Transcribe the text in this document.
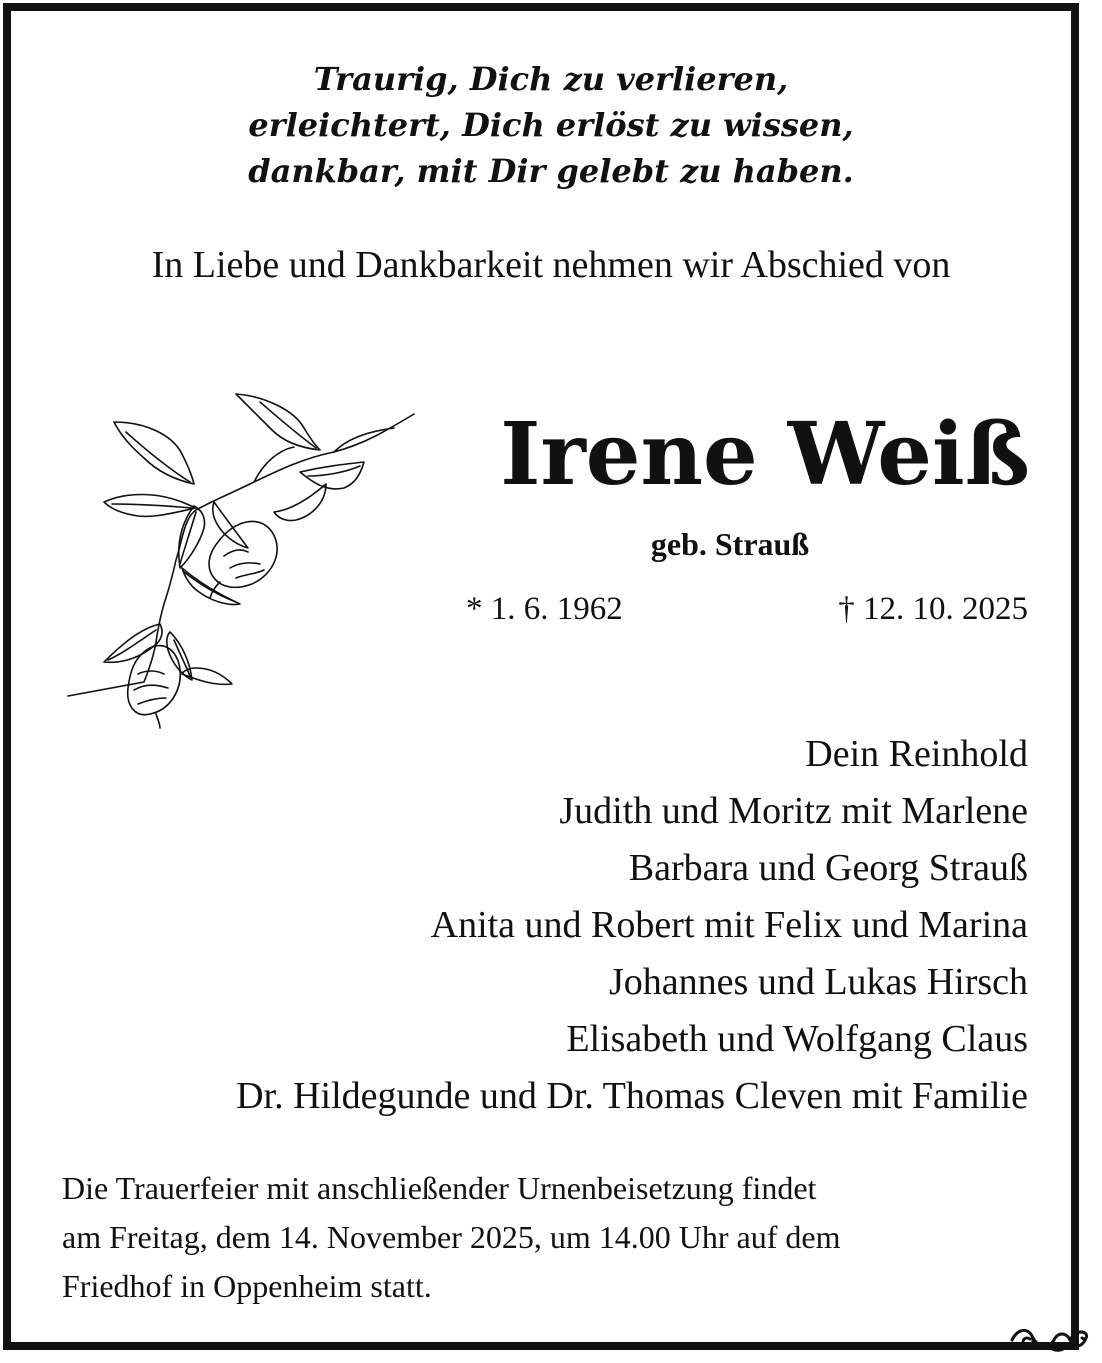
Traurig, Dich zu verlieren,
erleichtert, Dich erlöst zu wissen,
dankbar, mit Dir gelebt zu haben.
In Liebe und Dankbarkeit nehmen wir Abschied von
Irene Weiß
geb. Strauß
* 1. 6. 1962	† 12. 10. 2025
Dein Reinhold
Judith und Moritz mit Marlene
Barbara und Georg Strauß
Anita und Robert mit Felix und Marina
Johannes und Lukas Hirsch
Elisabeth und Wolfgang Claus
Dr. Hildegunde und Dr. Thomas Cleven mit Familie
Die Trauerfeier mit anschließender Urnenbeisetzung findet
am Freitag, dem 14. November 2025, um 14.00 Uhr auf dem
Friedhof in Oppenheim statt.
